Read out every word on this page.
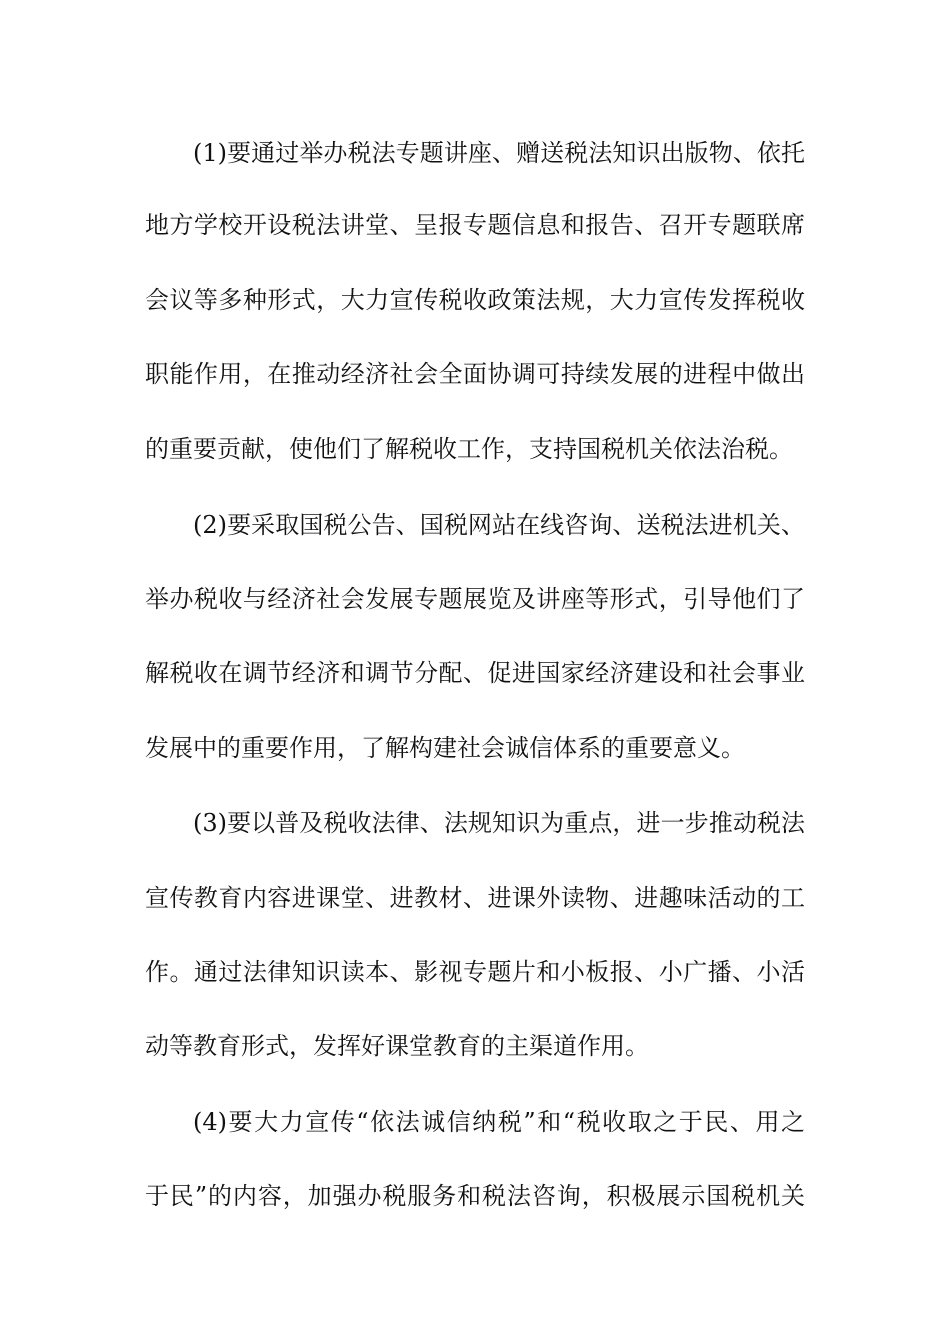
(1)要通过举办税法专题讲座、赠送税法知识出版物、依托
地方学校开设税法讲堂、呈报专题信息和报告、召开专题联席
会议等多种形式，大力宣传税收政策法规，大力宣传发挥税收
职能作用，在推动经济社会全面协调可持续发展的进程中做出
的重要贡献，使他们了解税收工作，支持国税机关依法治税。
(2)要采取国税公告、国税网站在线咨询、送税法进机关、
举办税收与经济社会发展专题展览及讲座等形式，引导他们了
解税收在调节经济和调节分配、促进国家经济建设和社会事业
发展中的重要作用，了解构建社会诚信体系的重要意义。
(3)要以普及税收法律、法规知识为重点，进一步推动税法
宣传教育内容进课堂、进教材、进课外读物、进趣味活动的工
作。通过法律知识读本、影视专题片和小板报、小广播、小活
动等教育形式，发挥好课堂教育的主渠道作用。
(4)要大力宣传“依法诚信纳税”和“税收取之于民、用之
于民”的内容，加强办税服务和税法咨询，积极展示国税机关
